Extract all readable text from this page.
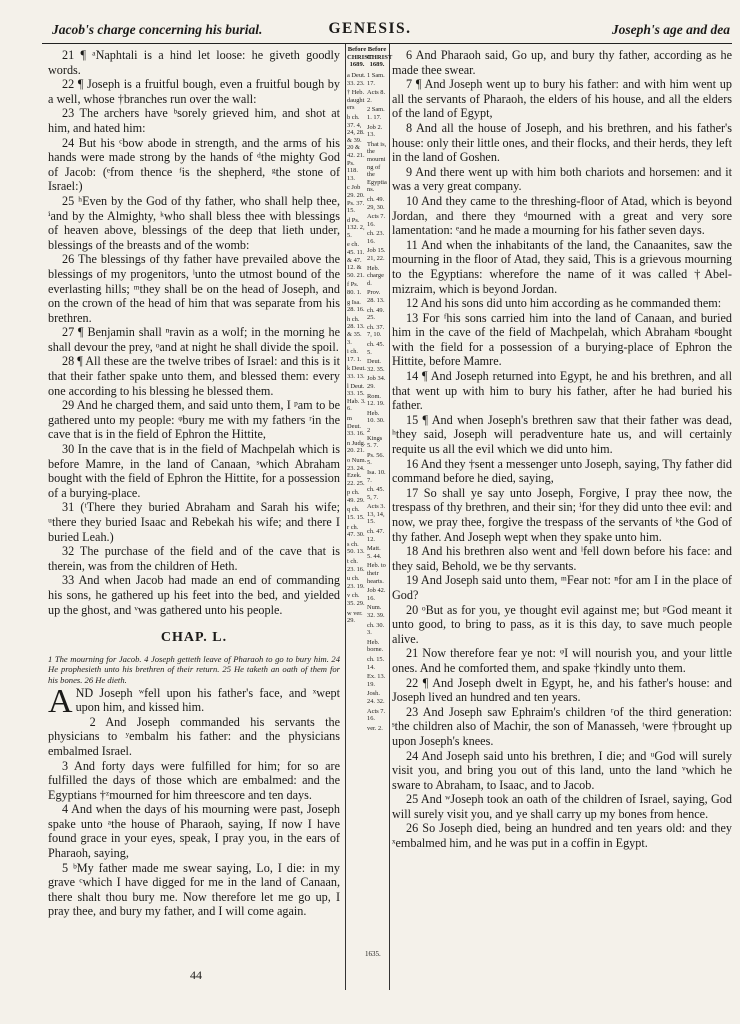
Jacob's charge concerning his burial.	GENESIS.	Joseph's age and dea

21 ¶ ᵃNaphtali is a hind let loose: he giveth goodly words.

22 ¶ Joseph is a fruitful bough, even a fruitful bough by a well, whose †branches run over the wall:

23 The archers have ᵇsorely grieved him, and shot at him, and hated him:

24 But his ᶜbow abode in strength, and the arms of his hands were made strong by the hands of ᵈthe mighty God of Jacob: (ᵉfrom thence ᶠis the shepherd, ᵍthe stone of Israel:)

25 ʰEven by the God of thy father, who shall help thee, ⁱand by the Almighty, ᵏwho shall bless thee with blessings of heaven above, blessings of the deep that lieth under, blessings of the breasts and of the womb:

26 The blessings of thy father have prevailed above the blessings of my progenitors, ˡunto the utmost bound of the everlasting hills; ᵐthey shall be on the head of Joseph, and on the crown of the head of him that was separate from his brethren.

27 ¶ Benjamin shall ⁿravin as a wolf; in the morning he shall devour the prey, ᵒand at night he shall divide the spoil.

28 ¶ All these are the twelve tribes of Israel: and this is it that their father spake unto them, and blessed them: every one according to his blessing he blessed them.

29 And he charged them, and said unto them, I ᵖam to be gathered unto my people: ᵠbury me with my fathers ʳin the cave that is in the field of Ephron the Hittite,

30 In the cave that is in the field of Machpelah which is before Mamre, in the land of Canaan, ˢwhich Abraham bought with the field of Ephron the Hittite, for a possession of a burying-place.

31 (ᵗThere they buried Abraham and Sarah his wife; ᵘthere they buried Isaac and Rebekah his wife; and there I buried Leah.)

32 The purchase of the field and of the cave that is therein, was from the children of Heth.

33 And when Jacob had made an end of commanding his sons, he gathered up his feet into the bed, and yielded up the ghost, and ᵛwas gathered unto his people.

CHAP. L.

1 The mourning for Jacob. 4 Joseph getteth leave of Pharaoh to go to bury him. 24 He prophesieth unto his brethren of their return. 25 He taketh an oath of them for his bones. 26 He dieth.

A ND Joseph ʷfell upon his father's face, and ˣwept upon him, and kissed him.

2 And Joseph commanded his servants the physicians to ʸembalm his father: and the physicians embalmed Israel.

3 And forty days were fulfilled for him; for so are fulfilled the days of those which are embalmed: and the Egyptians †ᶻmourned for him threescore and ten days.

4 And when the days of his mourning were past, Joseph spake unto ᵃthe house of Pharaoh, saying, If now I have found grace in your eyes, speak, I pray you, in the ears of Pharaoh, saying,

5 ᵇMy father made me swear saying, Lo, I die: in my grave ᶜwhich I have digged for me in the land of Canaan, there shalt thou bury me. Now therefore let me go up, I pray thee, and bury my father, and I will come again.

Before CHRIST 1689.
Before CHRIST 1689.
a Deut. 33. 23.
† Heb. daughters
b ch. 37. 4, 24, 28. & 39. 20 & 42. 21. Ps. 118. 13.
c Job 29. 20. Ps. 37. 15.
d Ps. 132. 2, 5.
e ch. 45. 11. & 47. 12. & 50. 21.
f Ps. 80. 1.
g Isa. 28. 16.
h ch. 28. 13. & 35. 3.
i ch. 17. 1.
k Deut. 33. 13.
l Deut. 33. 15. Hab. 3. 6.
m Deut. 33. 16.
n Judg. 20. 21.
o Num. 23. 24. Ezek. 22. 25.
p ch. 49. 29.
q ch. 15. 15.
r ch. 47. 30.
s ch. 50. 13.
t ch. 23. 16.
u ch. 23. 19.
v ch. 35. 29.
w ver. 29.
1 Sam. 17.
Acts 8. 2.
2 Sam. 1. 17.
Job 2. 13.
That is, the mourning of the Egyptians.
ch. 49. 29, 30.
Acts 7. 16.
ch. 23. 16.
Job 15. 21, 22.
Heb. charged.
Prov. 28. 13.
ch. 49. 25.
ch. 37. 7, 10.
ch. 45. 5.
Deut. 32. 35.
Job 34. 29.
Rom. 12. 19.
Heb. 10. 30.
2 Kings 5. 7.
Ps. 56. 5.
Isa. 10. 7.
ch. 45. 5, 7.
Acts 3. 13, 14, 15.
ch. 47. 12.
Matt. 5. 44.
Heb. to their hearts.
Job 42. 16.
Num. 32. 39.
ch. 30. 3.
Heb. borne.
ch. 15. 14.
Ex. 13. 19.
Josh. 24. 32.
Acts 7. 16.
ver. 2.
1635.

6 And Pharaoh said, Go up, and bury thy father, according as he made thee swear.

7 ¶ And Joseph went up to bury his father: and with him went up all the servants of Pharaoh, the elders of his house, and all the elders of the land of Egypt,

8 And all the house of Joseph, and his brethren, and his father's house: only their little ones, and their flocks, and their herds, they left in the land of Goshen.

9 And there went up with him both chariots and horsemen: and it was a very great company.

10 And they came to the threshing-floor of Atad, which is beyond Jordan, and there they ᵈmourned with a great and very sore lamentation: ᵉand he made a mourning for his father seven days.

11 And when the inhabitants of the land, the Canaanites, saw the mourning in the floor of Atad, they said, This is a grievous mourning to the Egyptians: wherefore the name of it was called †Abel-mizraim, which is beyond Jordan.

12 And his sons did unto him according as he commanded them:

13 For ᶠhis sons carried him into the land of Canaan, and buried him in the cave of the field of Machpelah, which Abraham ᵍbought with the field for a possession of a burying-place of Ephron the Hittite, before Mamre.

14 ¶ And Joseph returned into Egypt, he and his brethren, and all that went up with him to bury his father, after he had buried his father.

15 ¶ And when Joseph's brethren saw that their father was dead, ʰthey said, Joseph will peradventure hate us, and will certainly requite us all the evil which we did unto him.

16 And they †sent a messenger unto Joseph, saying, Thy father did command before he died, saying,

17 So shall ye say unto Joseph, Forgive, I pray thee now, the trespass of thy brethren, and their sin; ⁱfor they did unto thee evil: and now, we pray thee, forgive the trespass of the servants of ᵏthe God of thy father. And Joseph wept when they spake unto him.

18 And his brethren also went and ˡfell down before his face: and they said, Behold, we be thy servants.

19 And Joseph said unto them, ᵐFear not: ⁿfor am I in the place of God?

20 ᵒBut as for you, ye thought evil against me; but ᵖGod meant it unto good, to bring to pass, as it is this day, to save much people alive.

21 Now therefore fear ye not: ᵠI will nourish you, and your little ones. And he comforted them, and spake †kindly unto them.

22 ¶ And Joseph dwelt in Egypt, he, and his father's house: and Joseph lived an hundred and ten years.

23 And Joseph saw Ephraim's children ʳof the third generation: ˢthe children also of Machir, the son of Manasseh, ᵗwere †brought up upon Joseph's knees.

24 And Joseph said unto his brethren, I die; and ᵘGod will surely visit you, and bring you out of this land, unto the land ᵛwhich he sware to Abraham, to Isaac, and to Jacob.

25 And ʷJoseph took an oath of the children of Israel, saying, God will surely visit you, and ye shall carry up my bones from hence.

26 So Joseph died, being an hundred and ten years old: and they ˣembalmed him, and he was put in a coffin in Egypt.

44
